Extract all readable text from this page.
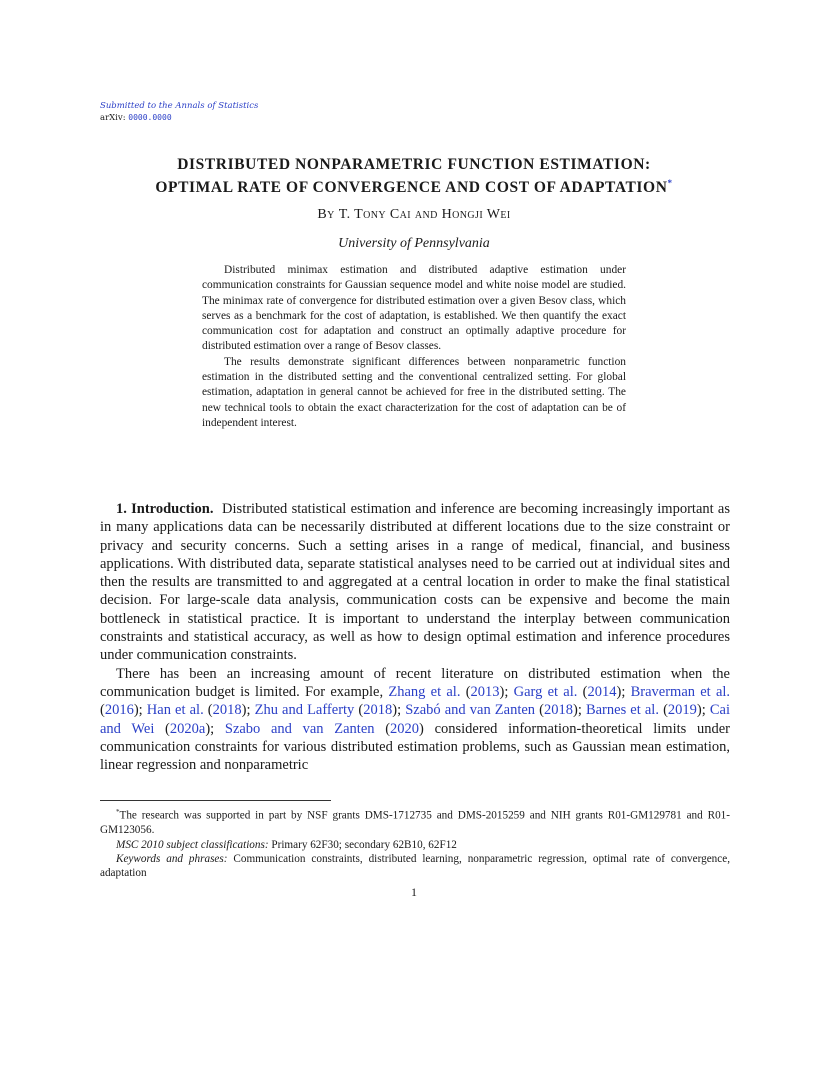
Submitted to the Annals of Statistics
arXiv: 0000.0000
DISTRIBUTED NONPARAMETRIC FUNCTION ESTIMATION:
OPTIMAL RATE OF CONVERGENCE AND COST OF ADAPTATION*
By T. Tony Cai and Hongji Wei
University of Pennsylvania

Distributed minimax estimation and distributed adaptive estimation under communication constraints for Gaussian sequence model and white noise model are studied. The minimax rate of convergence for distributed estimation over a given Besov class, which serves as a benchmark for the cost of adaptation, is established. We then quantify the exact communication cost for adaptation and construct an optimally adaptive procedure for distributed estimation over a range of Besov classes.

The results demonstrate significant differences between nonparametric function estimation in the distributed setting and the conventional centralized setting. For global estimation, adaptation in general cannot be achieved for free in the distributed setting. The new technical tools to obtain the exact characterization for the cost of adaptation can be of independent interest.

1. Introduction. Distributed statistical estimation and inference are becoming increasingly important as in many applications data can be necessarily distributed at different locations due to the size constraint or privacy and security concerns. Such a setting arises in a range of medical, financial, and business applications. With distributed data, separate statistical analyses need to be carried out at individual sites and then the results are transmitted to and aggregated at a central location in order to make the final statistical decision. For large-scale data analysis, communication costs can be expensive and become the main bottleneck in statistical practice. It is important to understand the interplay between communication constraints and statistical accuracy, as well as how to design optimal estimation and inference procedures under communication constraints.

There has been an increasing amount of recent literature on distributed estimation when the communication budget is limited. For example, Zhang et al. (2013); Garg et al. (2014); Braverman et al. (2016); Han et al. (2018); Zhu and Lafferty (2018); Szabó and van Zanten (2018); Barnes et al. (2019); Cai and Wei (2020a); Szabo and van Zanten (2020) considered information-theoretical limits under communication constraints for various distributed estimation problems, such as Gaussian mean estimation, linear regression and nonparametric

*The research was supported in part by NSF grants DMS-1712735 and DMS-2015259 and NIH grants R01-GM129781 and R01-GM123056.

MSC 2010 subject classifications: Primary 62F30; secondary 62B10, 62F12

Keywords and phrases: Communication constraints, distributed learning, nonparametric regression, optimal rate of convergence, adaptation

1
